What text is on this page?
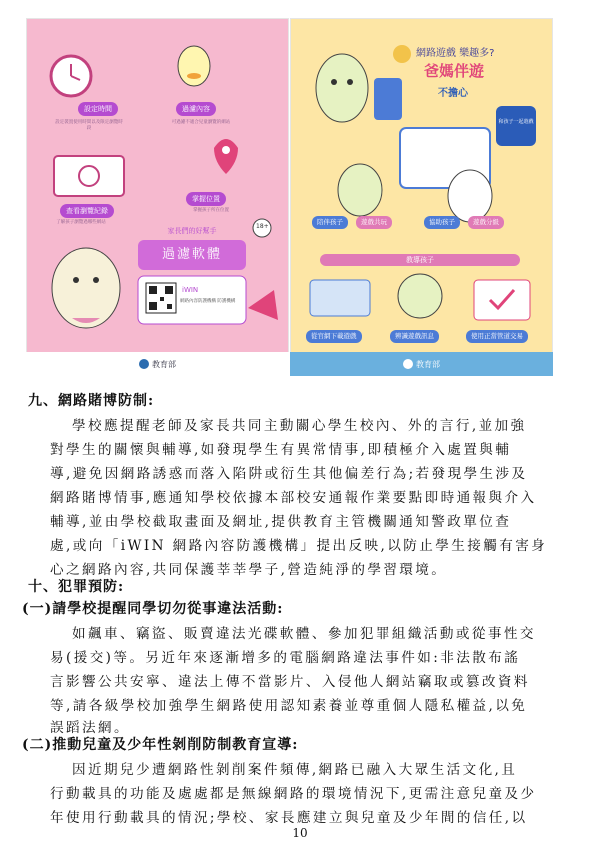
設定時間	過濾內容
查看瀏覽紀錄
掌握位置
設定裝置使用時間以及限定瀏覽時段
可過濾不適合兒童瀏覽的網站
了解孩子瀏覽過哪些網站
掌握孩子所在位置
家長們的好幫手
過濾軟體
iWIN
網路內容防護機構 防護機構
18+
教育部
網路遊戲 樂趣多?
爸媽伴遊
不擔心
和孩子一起遊戲
陪伴孩子	遊戲共玩	協助孩子	遊戲分級
教導孩子
從官網下載遊戲	辨識遊戲訊息	使用正當管道交易
教育部
九、網路賭博防制:
學校應提醒老師及家長共同主動關心學生校內、外的言行,並加強
對學生的關懷與輔導,如發現學生有異常情事,即積極介入處置與輔
導,避免因網路誘惑而落入陷阱或衍生其他偏差行為;若發現學生涉及
網路賭博情事,應通知學校依據本部校安通報作業要點即時通報與介入
輔導,並由學校截取畫面及網址,提供教育主管機關通知警政單位查
處,或向「iWIN 網路內容防護機構」提出反映,以防止學生接觸有害身
心之網路內容,共同保護莘莘學子,營造純淨的學習環境。
十、犯罪預防:
(一)請學校提醒同學切勿從事違法活動:
如飆車、竊盜、販賣違法光碟軟體、參加犯罪組織活動或從事性交
易(援交)等。另近年來逐漸增多的電腦網路違法事件如:非法散布謠
言影響公共安寧、違法上傳不當影片、入侵他人網站竊取或篡改資料
等,請各級學校加強學生網路使用認知素養並尊重個人隱私權益,以免
誤蹈法網。
(二)推動兒童及少年性剝削防制教育宣導:
因近期兒少遭網路性剝削案件頻傳,網路已融入大眾生活文化,且
行動載具的功能及處處都是無線網路的環境情況下,更需注意兒童及少
年使用行動載具的情況;學校、家長應建立與兒童及少年間的信任,以
10
